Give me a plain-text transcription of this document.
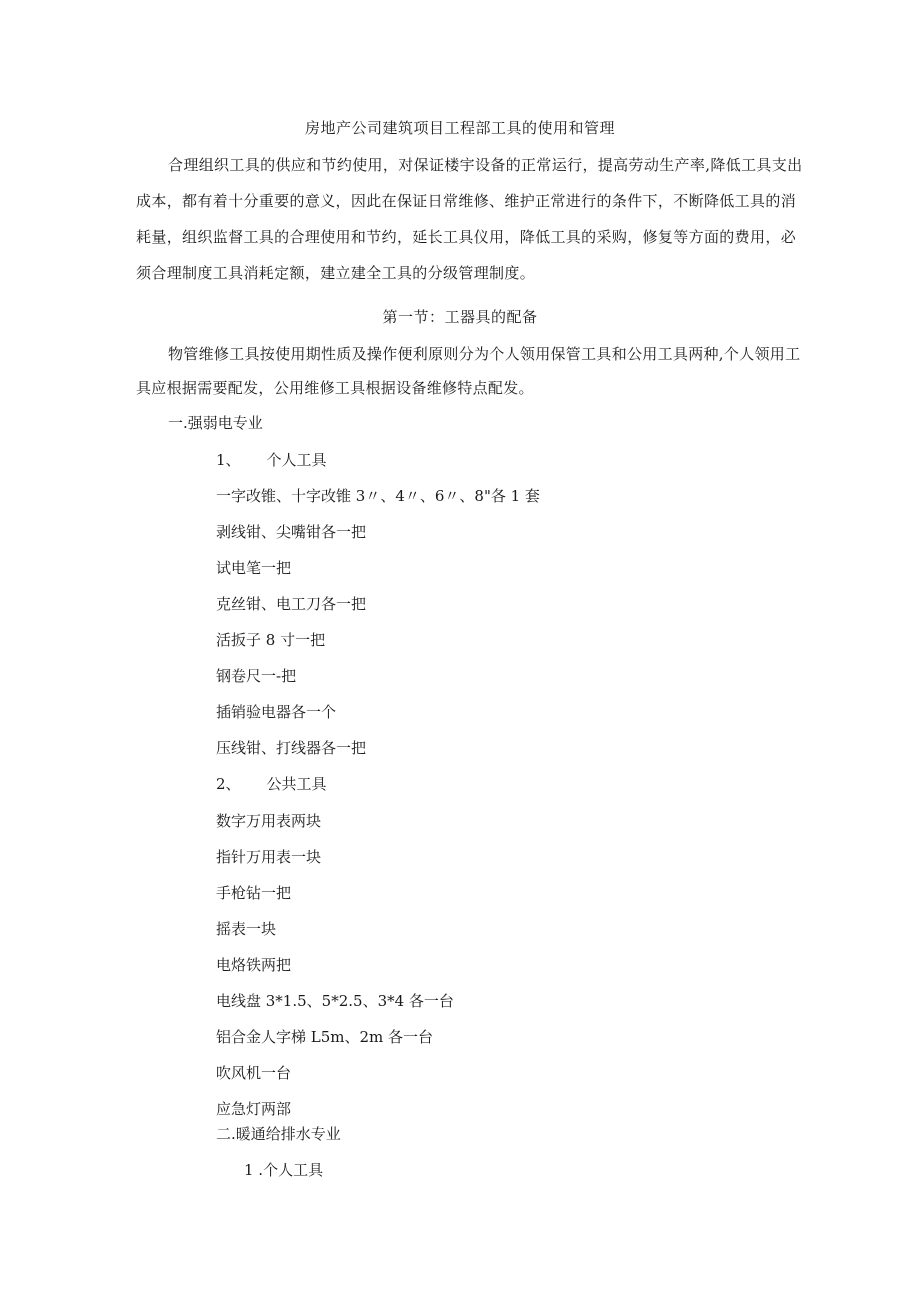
房地产公司建筑项目工程部工具的使用和管理
合理组织工具的供应和节约使用，对保证楼宇设备的正常运行，提高劳动生产率,降低工具支出成本，都有着十分重要的意义，因此在保证日常维修、维护正常进行的条件下，不断降低工具的消耗量，组织监督工具的合理使用和节约，延长工具仪用，降低工具的采购，修复等方面的费用，必须合理制度工具消耗定额，建立建全工具的分级管理制度。
第一节：工器具的配备
物管维修工具按使用期性质及操作便利原则分为个人领用保管工具和公用工具两种,个人领用工具应根据需要配发，公用维修工具根据设备维修特点配发。
一.强弱电专业
1、 个人工具
一字改锥、十字改锥 3〃、4〃、6〃、8"各 1 套
剥线钳、尖嘴钳各一把
试电笔一把
克丝钳、电工刀各一把
活扳子 8 寸一把
钢卷尺一-把
插销验电器各一个
压线钳、打线器各一把
2、 公共工具
数字万用表两块
指针万用表一块
手枪钻一把
摇表一块
电烙铁两把
电线盘 3*1.5、5*2.5、3*4 各一台
铝合金人字梯 L5m、2m 各一台
吹风机一台
应急灯两部
二.暖通给排水专业
1 .个人工具
